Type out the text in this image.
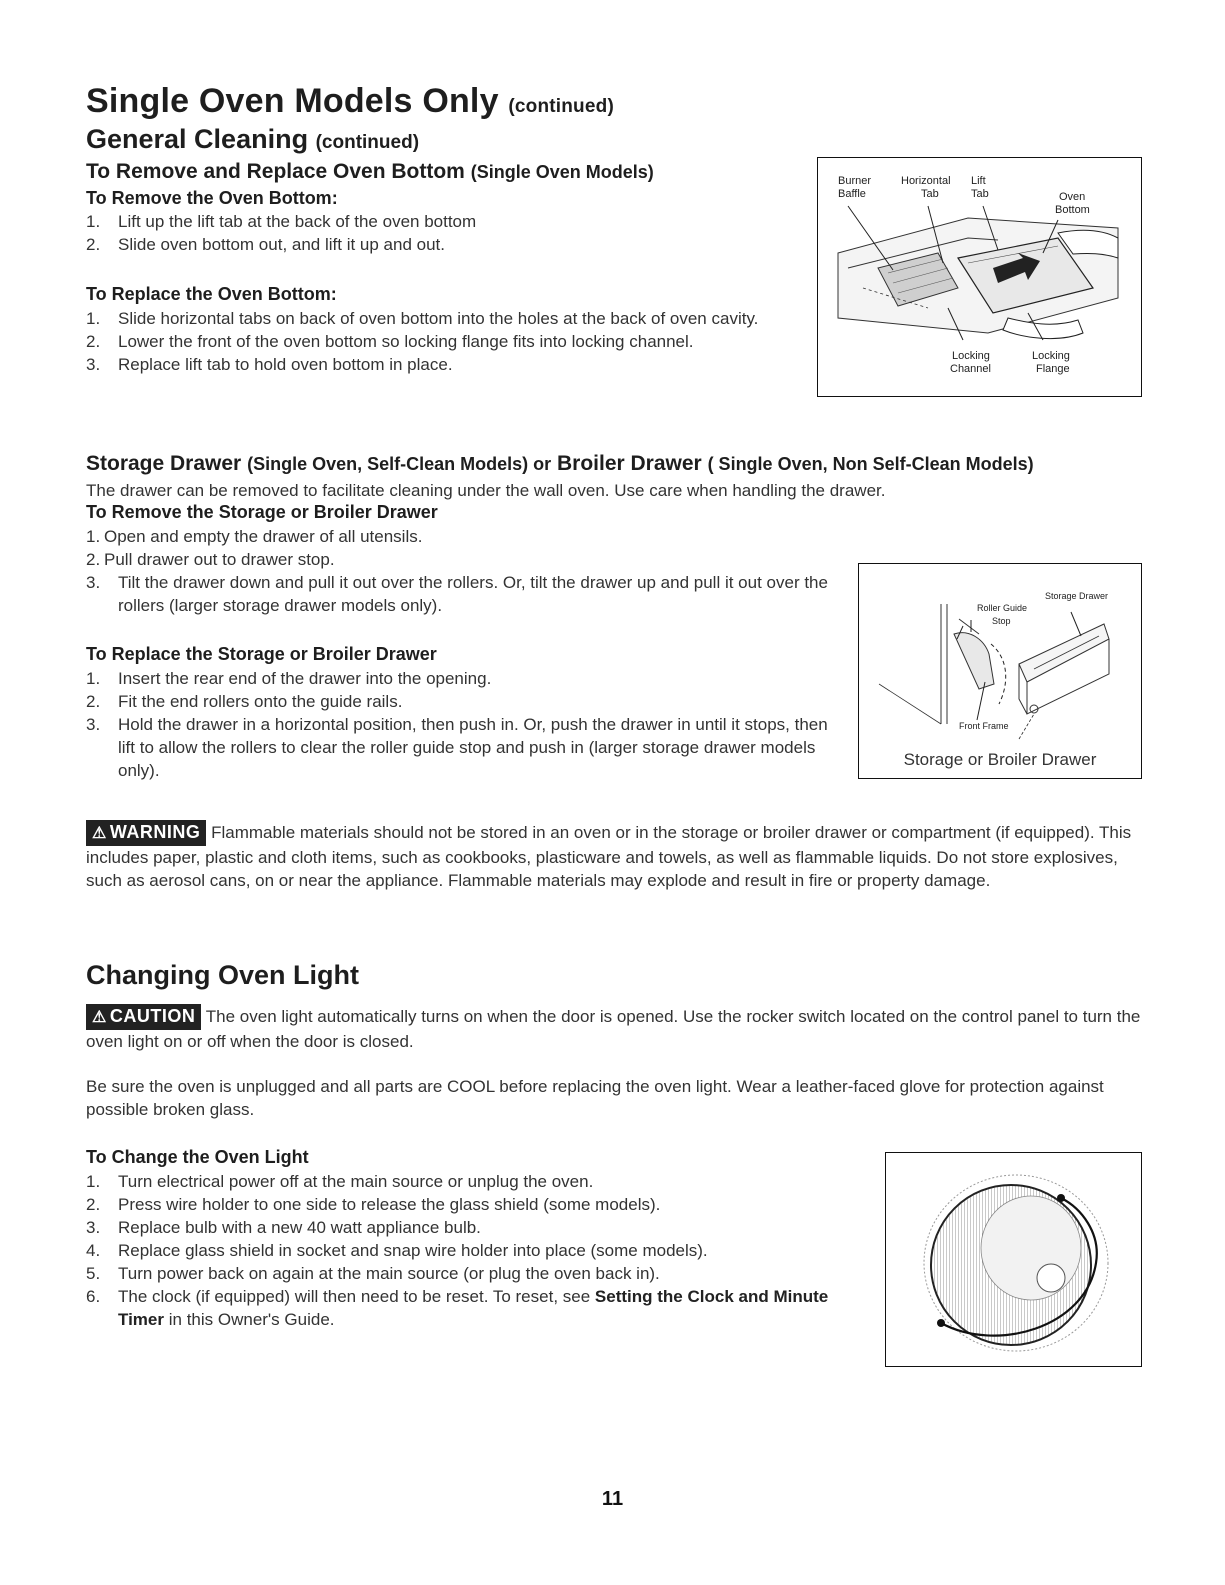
Single Oven Models Only (continued)
General Cleaning (continued)
To Remove and Replace Oven Bottom (Single Oven Models)
To Remove the Oven Bottom:
1. Lift up the lift tab at the back of the oven bottom
2. Slide oven bottom out, and lift it up and out.
To Replace the Oven Bottom:
1. Slide horizontal tabs on back of oven bottom into the holes at the back of oven cavity.
2. Lower the front of the oven bottom so locking flange fits into locking channel.
3. Replace lift tab to hold oven bottom in place.
Burner
Baffle
Horizontal
Tab
Lift
Tab	Oven
Bottom
Locking
Channel
Locking
Flange
Storage Drawer (Single Oven, Self-Clean Models) or Broiler Drawer ( Single Oven, Non Self-Clean Models)
The drawer can be removed to facilitate cleaning under the wall oven. Use care when handling the drawer.
To Remove the Storage or Broiler Drawer
1. Open and empty the drawer of all utensils.
2. Pull drawer out to drawer stop.
3. Tilt the drawer down and pull it out over the rollers. Or, tilt the drawer up and pull it out over the rollers (larger storage drawer models only).
To Replace the Storage or Broiler Drawer
1. Insert the rear end of the drawer into the opening.
2. Fit the end rollers onto the guide rails.
3. Hold the drawer in a horizontal position, then push in. Or, push the drawer in until it stops, then lift to allow the rollers to clear the roller guide stop and push in (larger storage drawer models only).
Storage Drawer
Roller Guide
Stop
Front Frame
Storage or Broiler Drawer
⚠ WARNING Flammable materials should not be stored in an oven or in the storage or broiler drawer or compartment (if equipped). This includes paper, plastic and cloth items, such as cookbooks, plasticware and towels, as well as flammable liquids. Do not store explosives, such as aerosol cans, on or near the appliance. Flammable materials may explode and result in fire or property damage.
Changing Oven Light
⚠ CAUTION The oven light automatically turns on when the door is opened. Use the rocker switch located on the control panel to turn the oven light on or off when the door is closed.
Be sure the oven is unplugged and all parts are COOL before replacing the oven light. Wear a leather-faced glove for protection against possible broken glass.
To Change the Oven Light
1. Turn electrical power off at the main source or unplug the oven.
2. Press wire holder to one side to release the glass shield (some models).
3. Replace bulb with a new 40 watt appliance bulb.
4. Replace glass shield in socket and snap wire holder into place (some models).
5. Turn power back on again at the main source (or plug the oven back in).
6. The clock (if equipped) will then need to be reset. To reset, see Setting the Clock and Minute Timer in this Owner's Guide.
11
